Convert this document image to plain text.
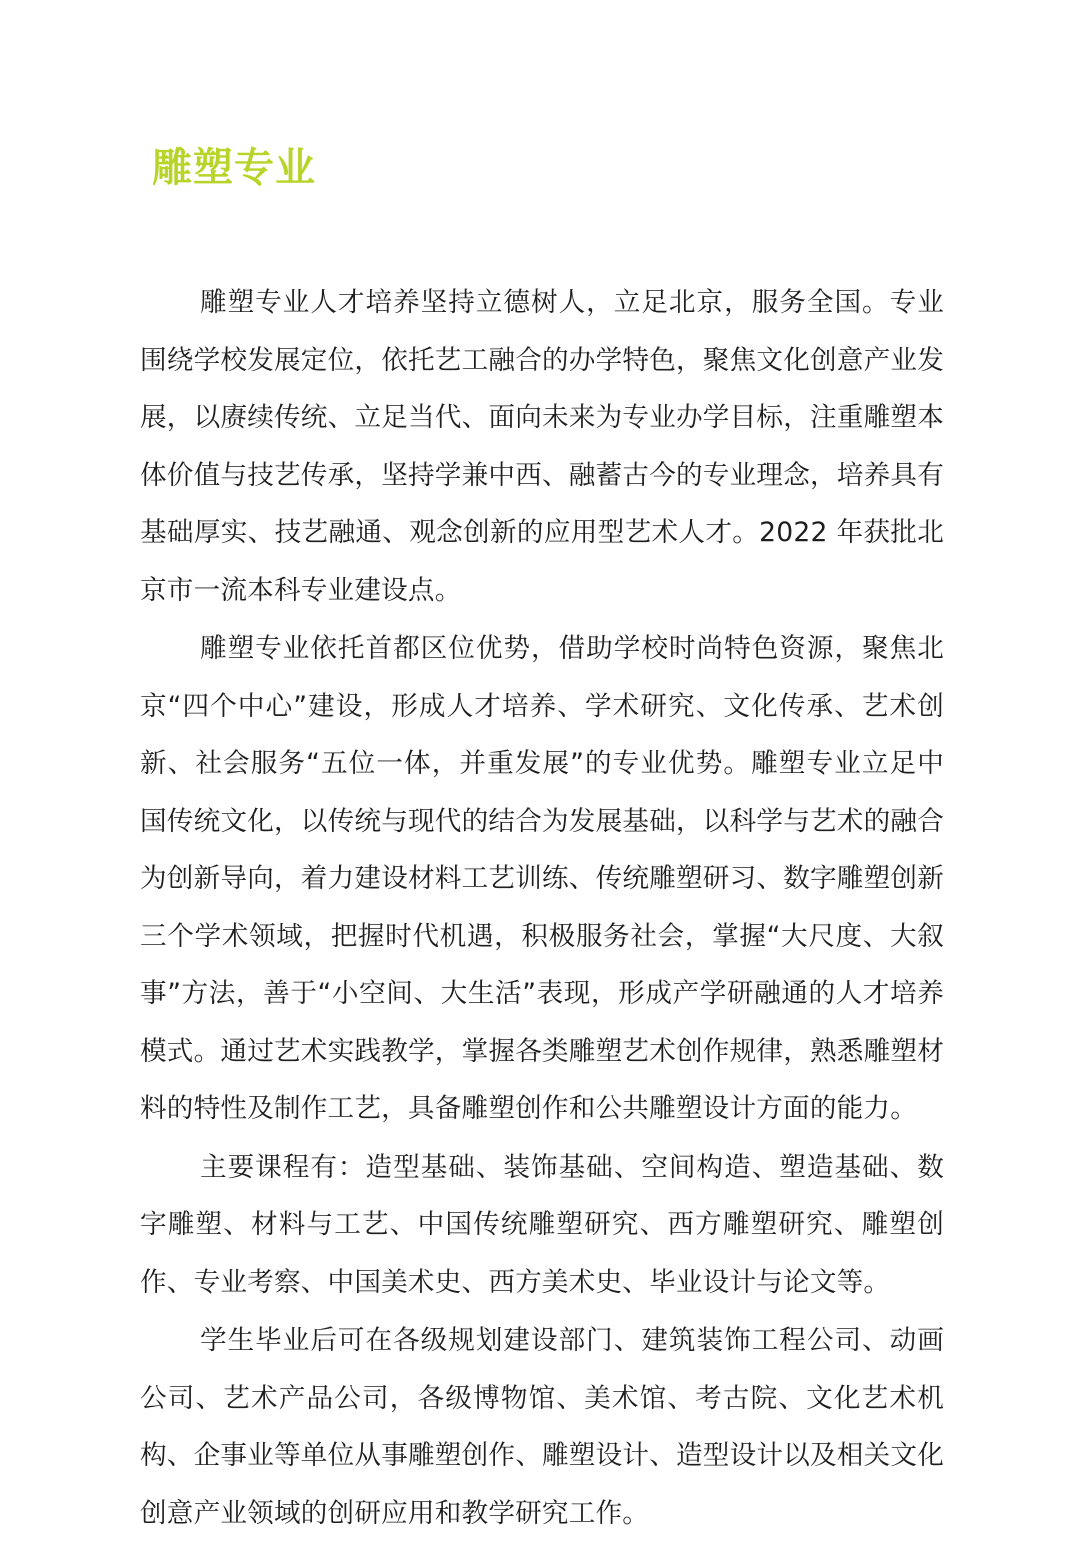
雕塑专业

雕塑专业人才培养坚持立德树人，立足北京，服务全国。专业围绕学校发展定位，依托艺工融合的办学特色，聚焦文化创意产业发展，以赓续传统、立足当代、面向未来为专业办学目标，注重雕塑本体价值与技艺传承，坚持学兼中西、融蓄古今的专业理念，培养具有基础厚实、技艺融通、观念创新的应用型艺术人才。2022 年获批北京市一流本科专业建设点。

雕塑专业依托首都区位优势，借助学校时尚特色资源，聚焦北京“四个中心”建设，形成人才培养、学术研究、文化传承、艺术创新、社会服务“五位一体，并重发展”的专业优势。雕塑专业立足中国传统文化，以传统与现代的结合为发展基础，以科学与艺术的融合为创新导向，着力建设材料工艺训练、传统雕塑研习、数字雕塑创新三个学术领域，把握时代机遇，积极服务社会，掌握“大尺度、大叙事”方法，善于“小空间、大生活”表现，形成产学研融通的人才培养模式。通过艺术实践教学，掌握各类雕塑艺术创作规律，熟悉雕塑材料的特性及制作工艺，具备雕塑创作和公共雕塑设计方面的能力。

主要课程有：造型基础、装饰基础、空间构造、塑造基础、数字雕塑、材料与工艺、中国传统雕塑研究、西方雕塑研究、雕塑创作、专业考察、中国美术史、西方美术史、毕业设计与论文等。

学生毕业后可在各级规划建设部门、建筑装饰工程公司、动画公司、艺术产品公司，各级博物馆、美术馆、考古院、文化艺术机构、企事业等单位从事雕塑创作、雕塑设计、造型设计以及相关文化创意产业领域的创研应用和教学研究工作。
